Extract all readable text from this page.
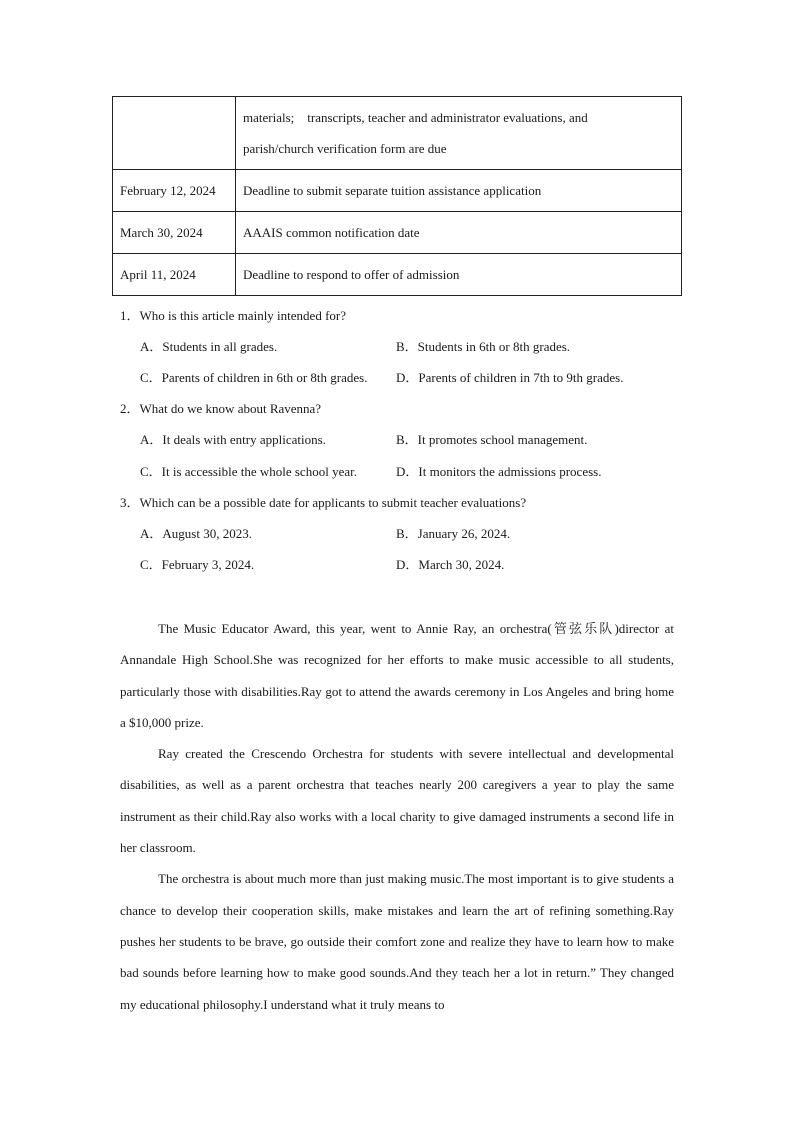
	materials;    transcripts, teacher and administrator evaluations, and
parish/church verification form are due

February 12, 2024	Deadline to submit separate tuition assistance application
March 30, 2024	AAAIS common notification date
April 11, 2024	Deadline to respond to offer of admission
1．Who is this article mainly intended for?
A．Students in all grades.	B．Students in 6th or 8th grades.
C．Parents of children in 6th or 8th grades. D．Parents of children in 7th to 9th grades.
2．What do we know about Ravenna?
A．It deals with entry applications.	B．It promotes school management.
C．It is accessible the whole school year.	D．It monitors the admissions process.
3．Which can be a possible date for applicants to submit teacher evaluations?
A．August 30, 2023.	B．January 26, 2024.
C．February 3, 2024.	D．March 30, 2024.

The Music Educator Award, this year, went to Annie Ray, an orchestra(管弦乐队)director at Annandale High School.She was recognized for her efforts to make music accessible to all students, particularly those with disabilities.Ray got to attend the awards ceremony in Los Angeles and bring home a $10,000 prize.

Ray created the Crescendo Orchestra for students with severe intellectual and developmental disabilities, as well as a parent orchestra that teaches nearly 200 caregivers a year to play the same instrument as their child.Ray also works with a local charity to give damaged instruments a second life in her classroom.

The orchestra is about much more than just making music.The most important is to give students a chance to develop their cooperation skills, make mistakes and learn the art of refining something.Ray pushes her students to be brave, go outside their comfort zone and realize they have to learn how to make bad sounds before learning how to make good sounds.And they teach her a lot in return.” They changed my educational philosophy.I understand what it truly means to
